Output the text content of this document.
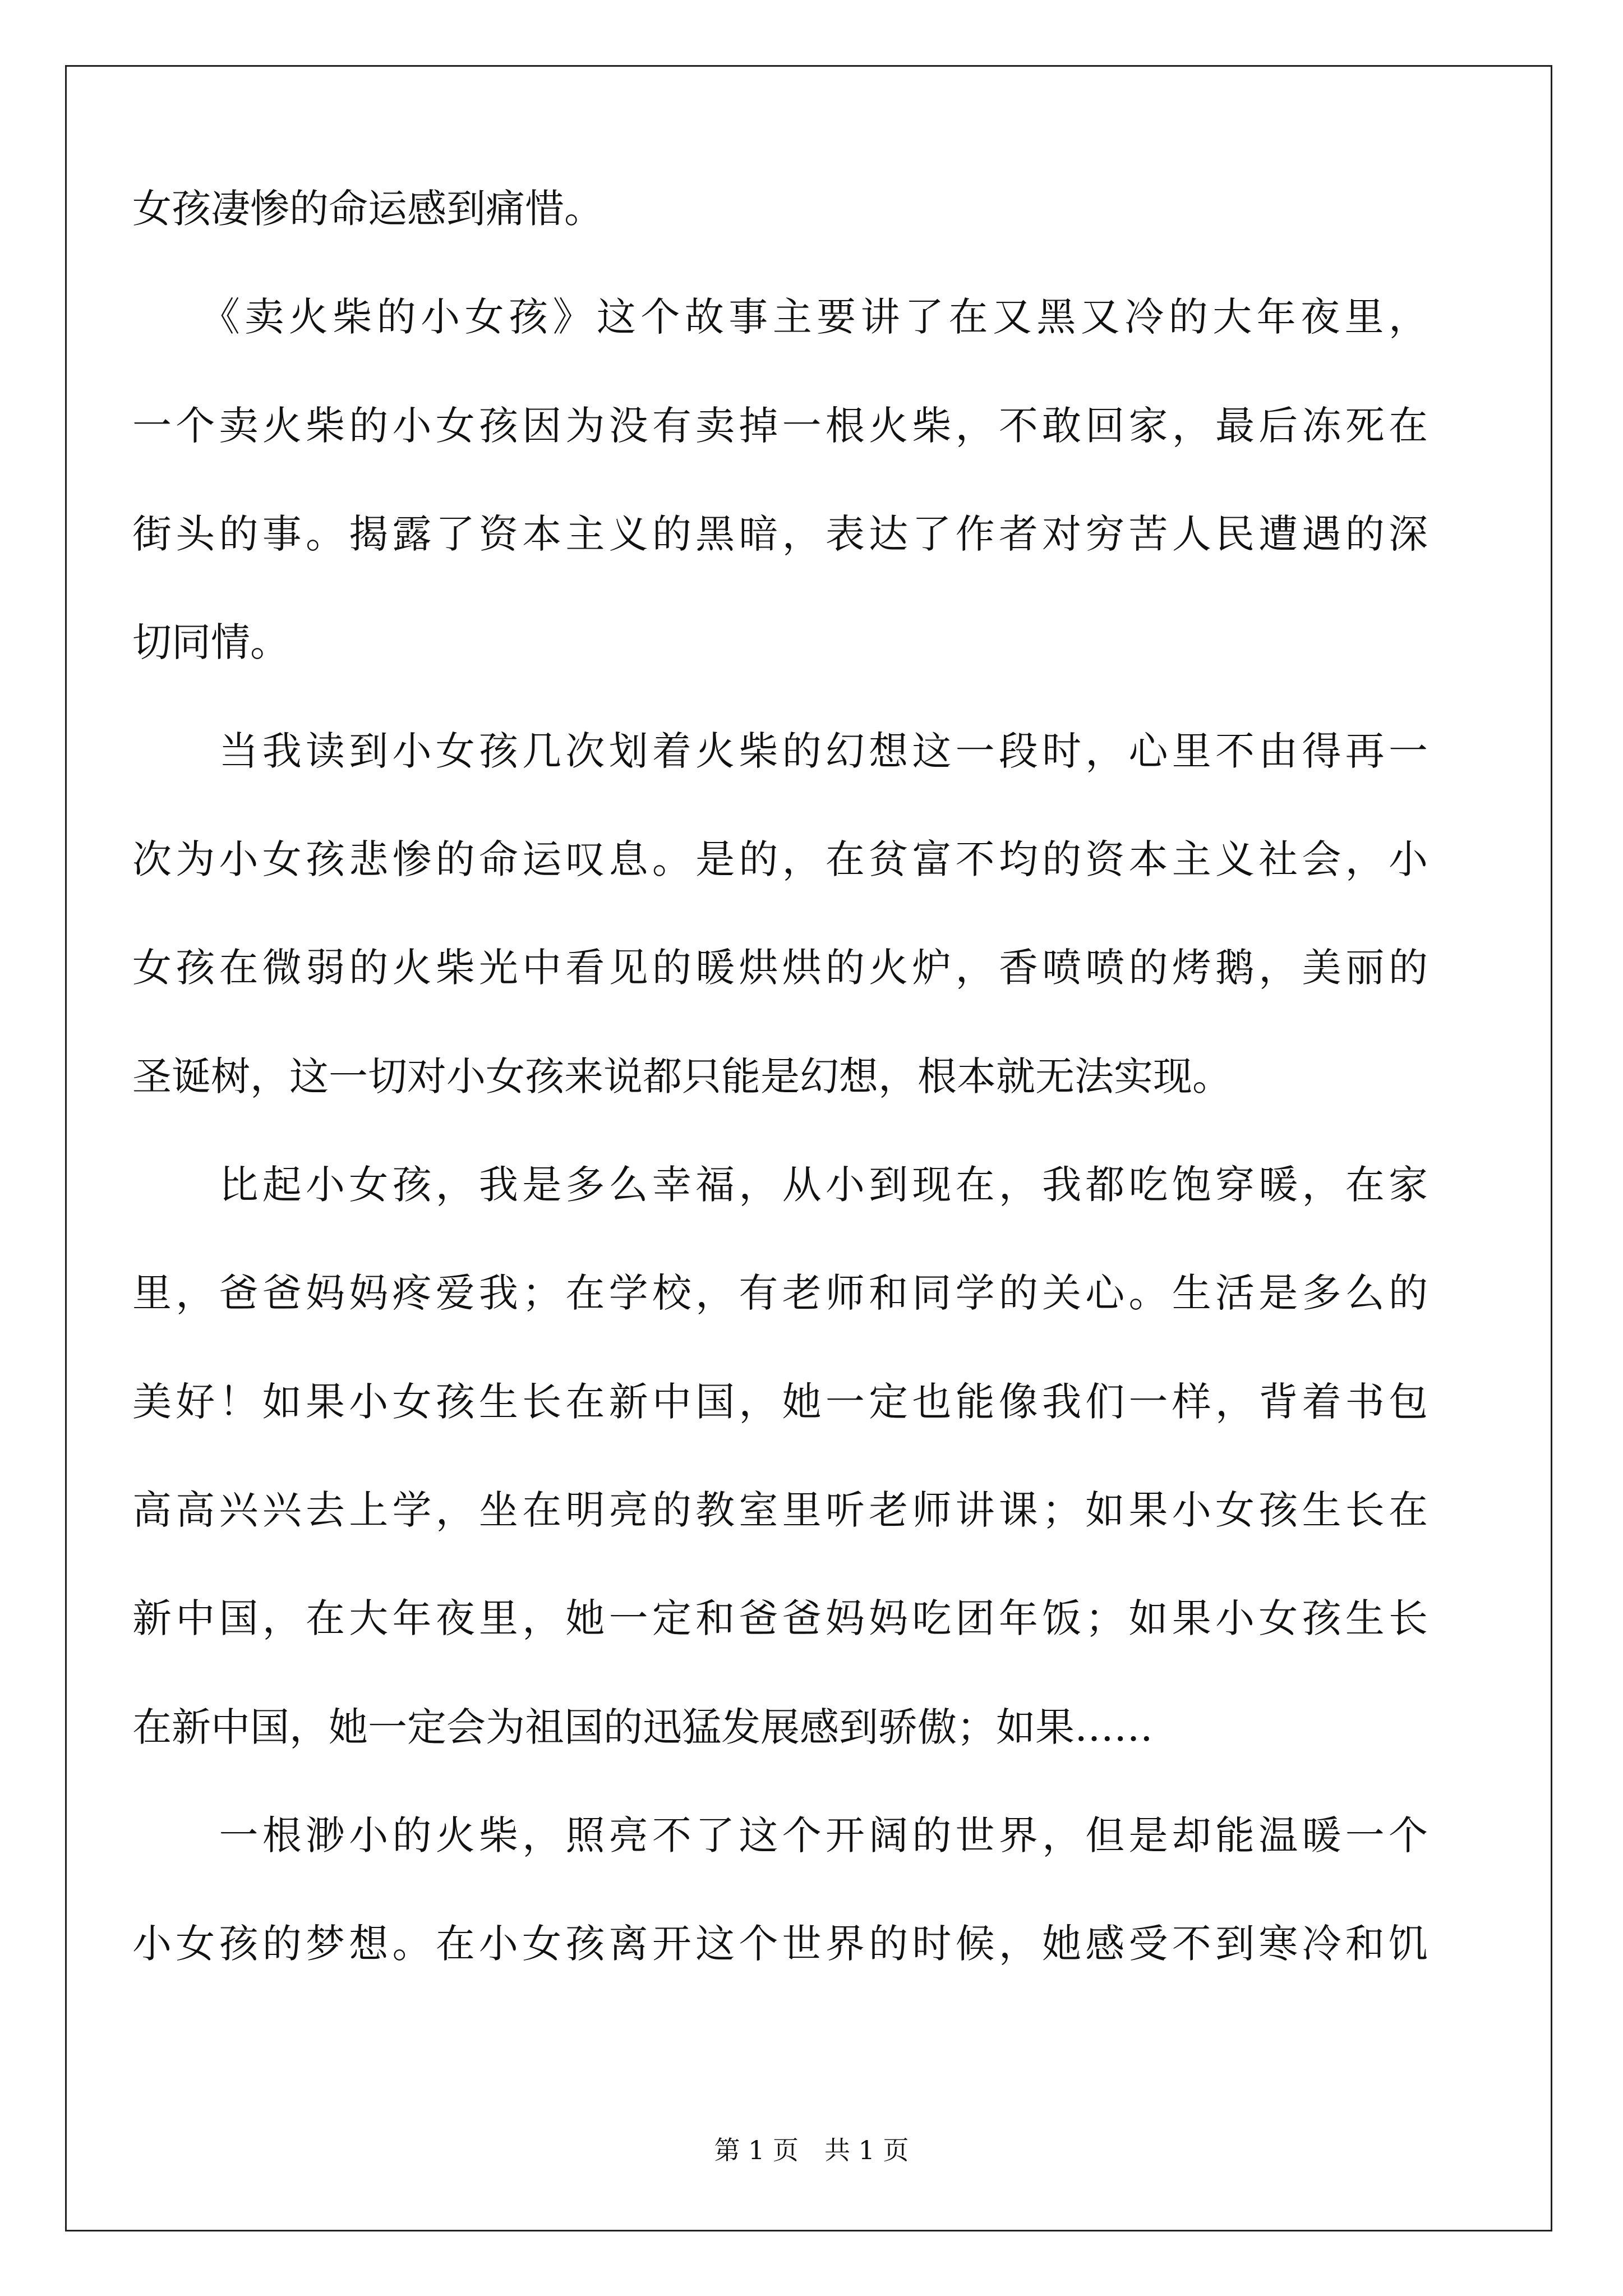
女孩凄惨的命运感到痛惜。
　　《卖火柴的小女孩》这个故事主要讲了在又黑又冷的大年夜里，
一个卖火柴的小女孩因为没有卖掉一根火柴，不敢回家，最后冻死在
街头的事。揭露了资本主义的黑暗，表达了作者对穷苦人民遭遇的深
切同情。
　　当我读到小女孩几次划着火柴的幻想这一段时，心里不由得再一
次为小女孩悲惨的命运叹息。是的，在贫富不均的资本主义社会，小
女孩在微弱的火柴光中看见的暖烘烘的火炉，香喷喷的烤鹅，美丽的
圣诞树，这一切对小女孩来说都只能是幻想，根本就无法实现。
　　比起小女孩，我是多么幸福，从小到现在，我都吃饱穿暖，在家
里，爸爸妈妈疼爱我；在学校，有老师和同学的关心。生活是多么的
美好！如果小女孩生长在新中国，她一定也能像我们一样，背着书包
高高兴兴去上学，坐在明亮的教室里听老师讲课；如果小女孩生长在
新中国，在大年夜里，她一定和爸爸妈妈吃团年饭；如果小女孩生长
在新中国，她一定会为祖国的迅猛发展感到骄傲；如果……
　　一根渺小的火柴，照亮不了这个开阔的世界，但是却能温暖一个
小女孩的梦想。在小女孩离开这个世界的时候，她感受不到寒冷和饥
第 1 页　共 1 页
